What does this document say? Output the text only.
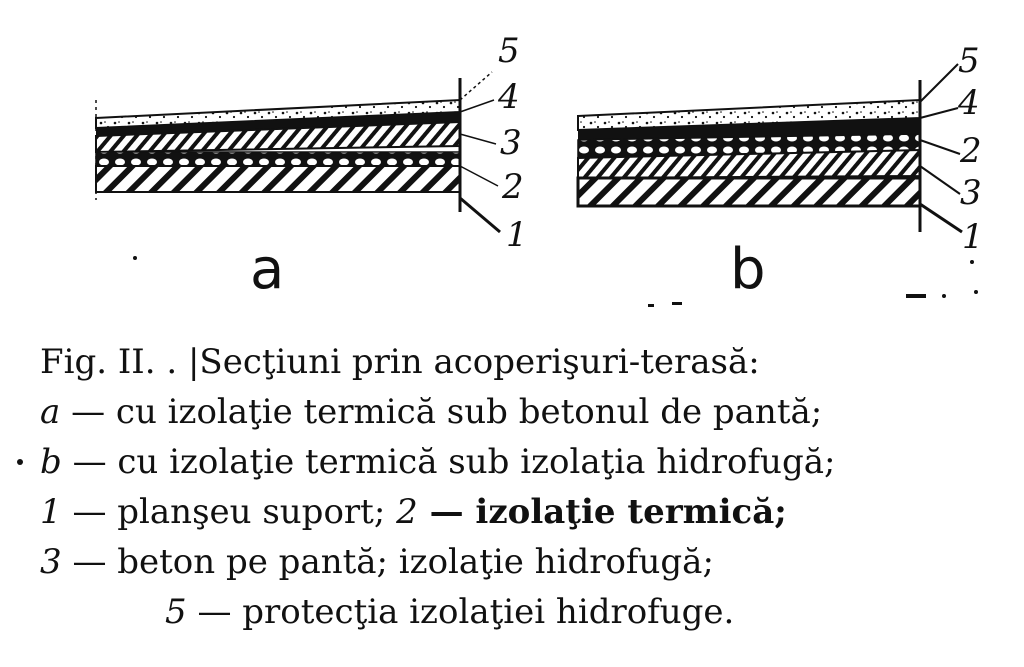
5
4
3
2
1
a
5
4
2
3
1
b
Fig. II. . |Secţiuni prin acoperişuri-terasă:
a — cu izolaţie termică sub betonul de pantă;
b — cu izolaţie termică sub izolaţia hidrofugă;
1 — planşeu suport; 2 — izolaţie termică;
3 — beton pe pantă; izolaţie hidrofugă;
5 — protecţia izolaţiei hidrofuge.
